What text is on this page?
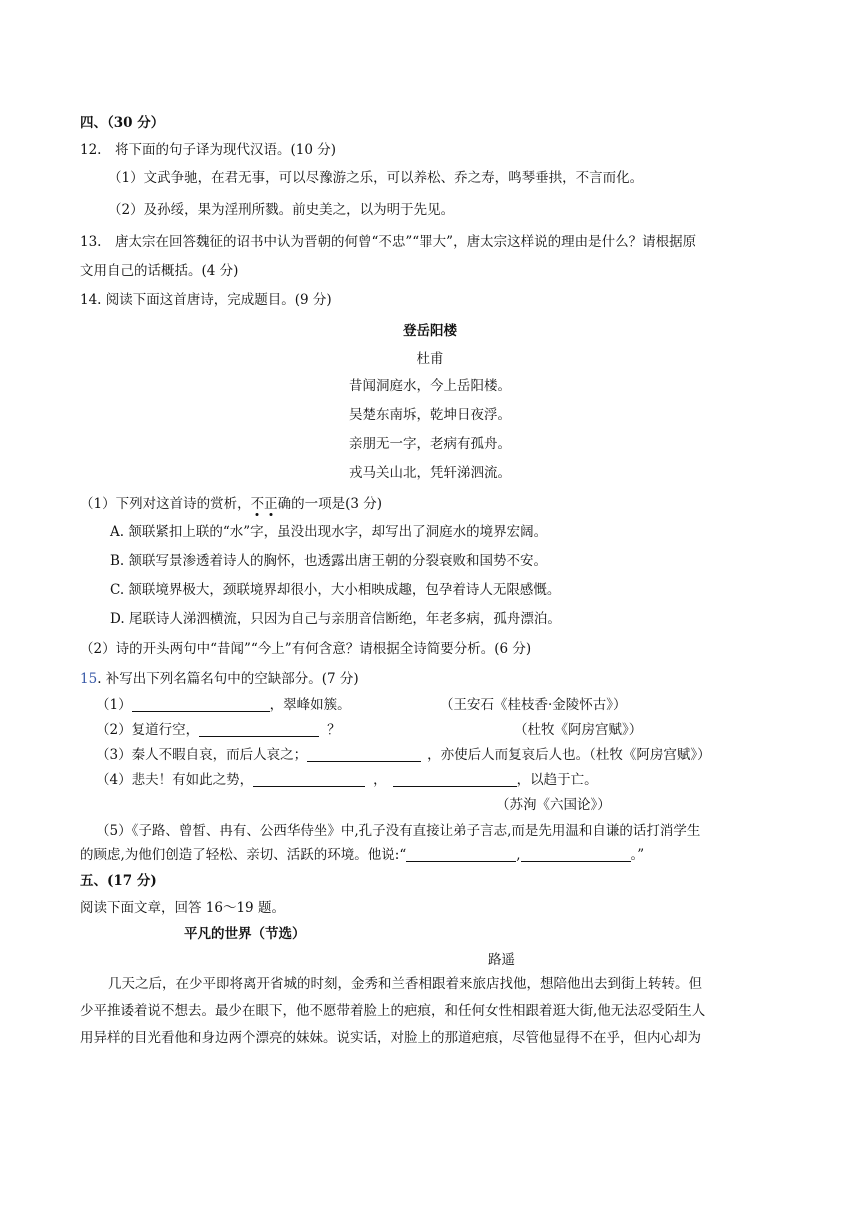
四、（30 分）
12.　将下面的句子译为现代汉语。(10 分)
（1）文武争驰，在君无事，可以尽豫游之乐，可以养松、乔之寿，鸣琴垂拱，不言而化。
（2）及孙绥，果为淫刑所戮。前史美之，以为明于先见。
13.　唐太宗在回答魏征的诏书中认为晋朝的何曾“不忠”“罪大”，唐太宗这样说的理由是什么？请根据原
文用自己的话概括。(4 分)
14. 阅读下面这首唐诗，完成题目。(9 分)
登岳阳楼
杜甫
昔闻洞庭水，今上岳阳楼。
吴楚东南坼，乾坤日夜浮。
亲朋无一字，老病有孤舟。
戎马关山北，凭轩涕泗流。
（1）下列对这首诗的赏析，不正确的一项是(3 分)
A. 颔联紧扣上联的“水”字，虽没出现水字，却写出了洞庭水的境界宏阔。
B. 颔联写景渗透着诗人的胸怀，也透露出唐王朝的分裂衰败和国势不安。
C. 颔联境界极大，颈联境界却很小，大小相映成趣，包孕着诗人无限感慨。
D. 尾联诗人涕泗横流，只因为自己与亲朋音信断绝，年老多病，孤舟漂泊。
（2）诗的开头两句中“昔闻”“今上”有何含意？请根据全诗简要分析。(6 分)
15. 补写出下列名篇名句中的空缺部分。(7 分)
（1）	，翠峰如簇。	（王安石《桂枝香·金陵怀古》）
（2）复道行空，	？	（杜牧《阿房宫赋》）
（3）秦人不暇自哀，而后人哀之；	，亦使后人而复哀后人也。（杜牧《阿房宫赋》）
（4）悲夫！有如此之势，	，	，以趋于亡。
（苏洵《六国论》）
（5）《子路、曾皙、冉有、公西华侍坐》中,孔子没有直接让弟子言志,而是先用温和自谦的话打消学生
的顾虑,为他们创造了轻松、亲切、活跃的环境。他说:“	,	。”
五、(17 分)
阅读下面文章，回答 16～19 题。
平凡的世界（节选）
路遥
几天之后，在少平即将离开省城的时刻，金秀和兰香相跟着来旅店找他，想陪他出去到街上转转。但
少平推诿着说不想去。最少在眼下，他不愿带着脸上的疤痕，和任何女性相跟着逛大街,他无法忍受陌生人
用异样的目光看他和身边两个漂亮的妹妹。说实话，对脸上的那道疤痕，尽管他显得不在乎，但内心却为
